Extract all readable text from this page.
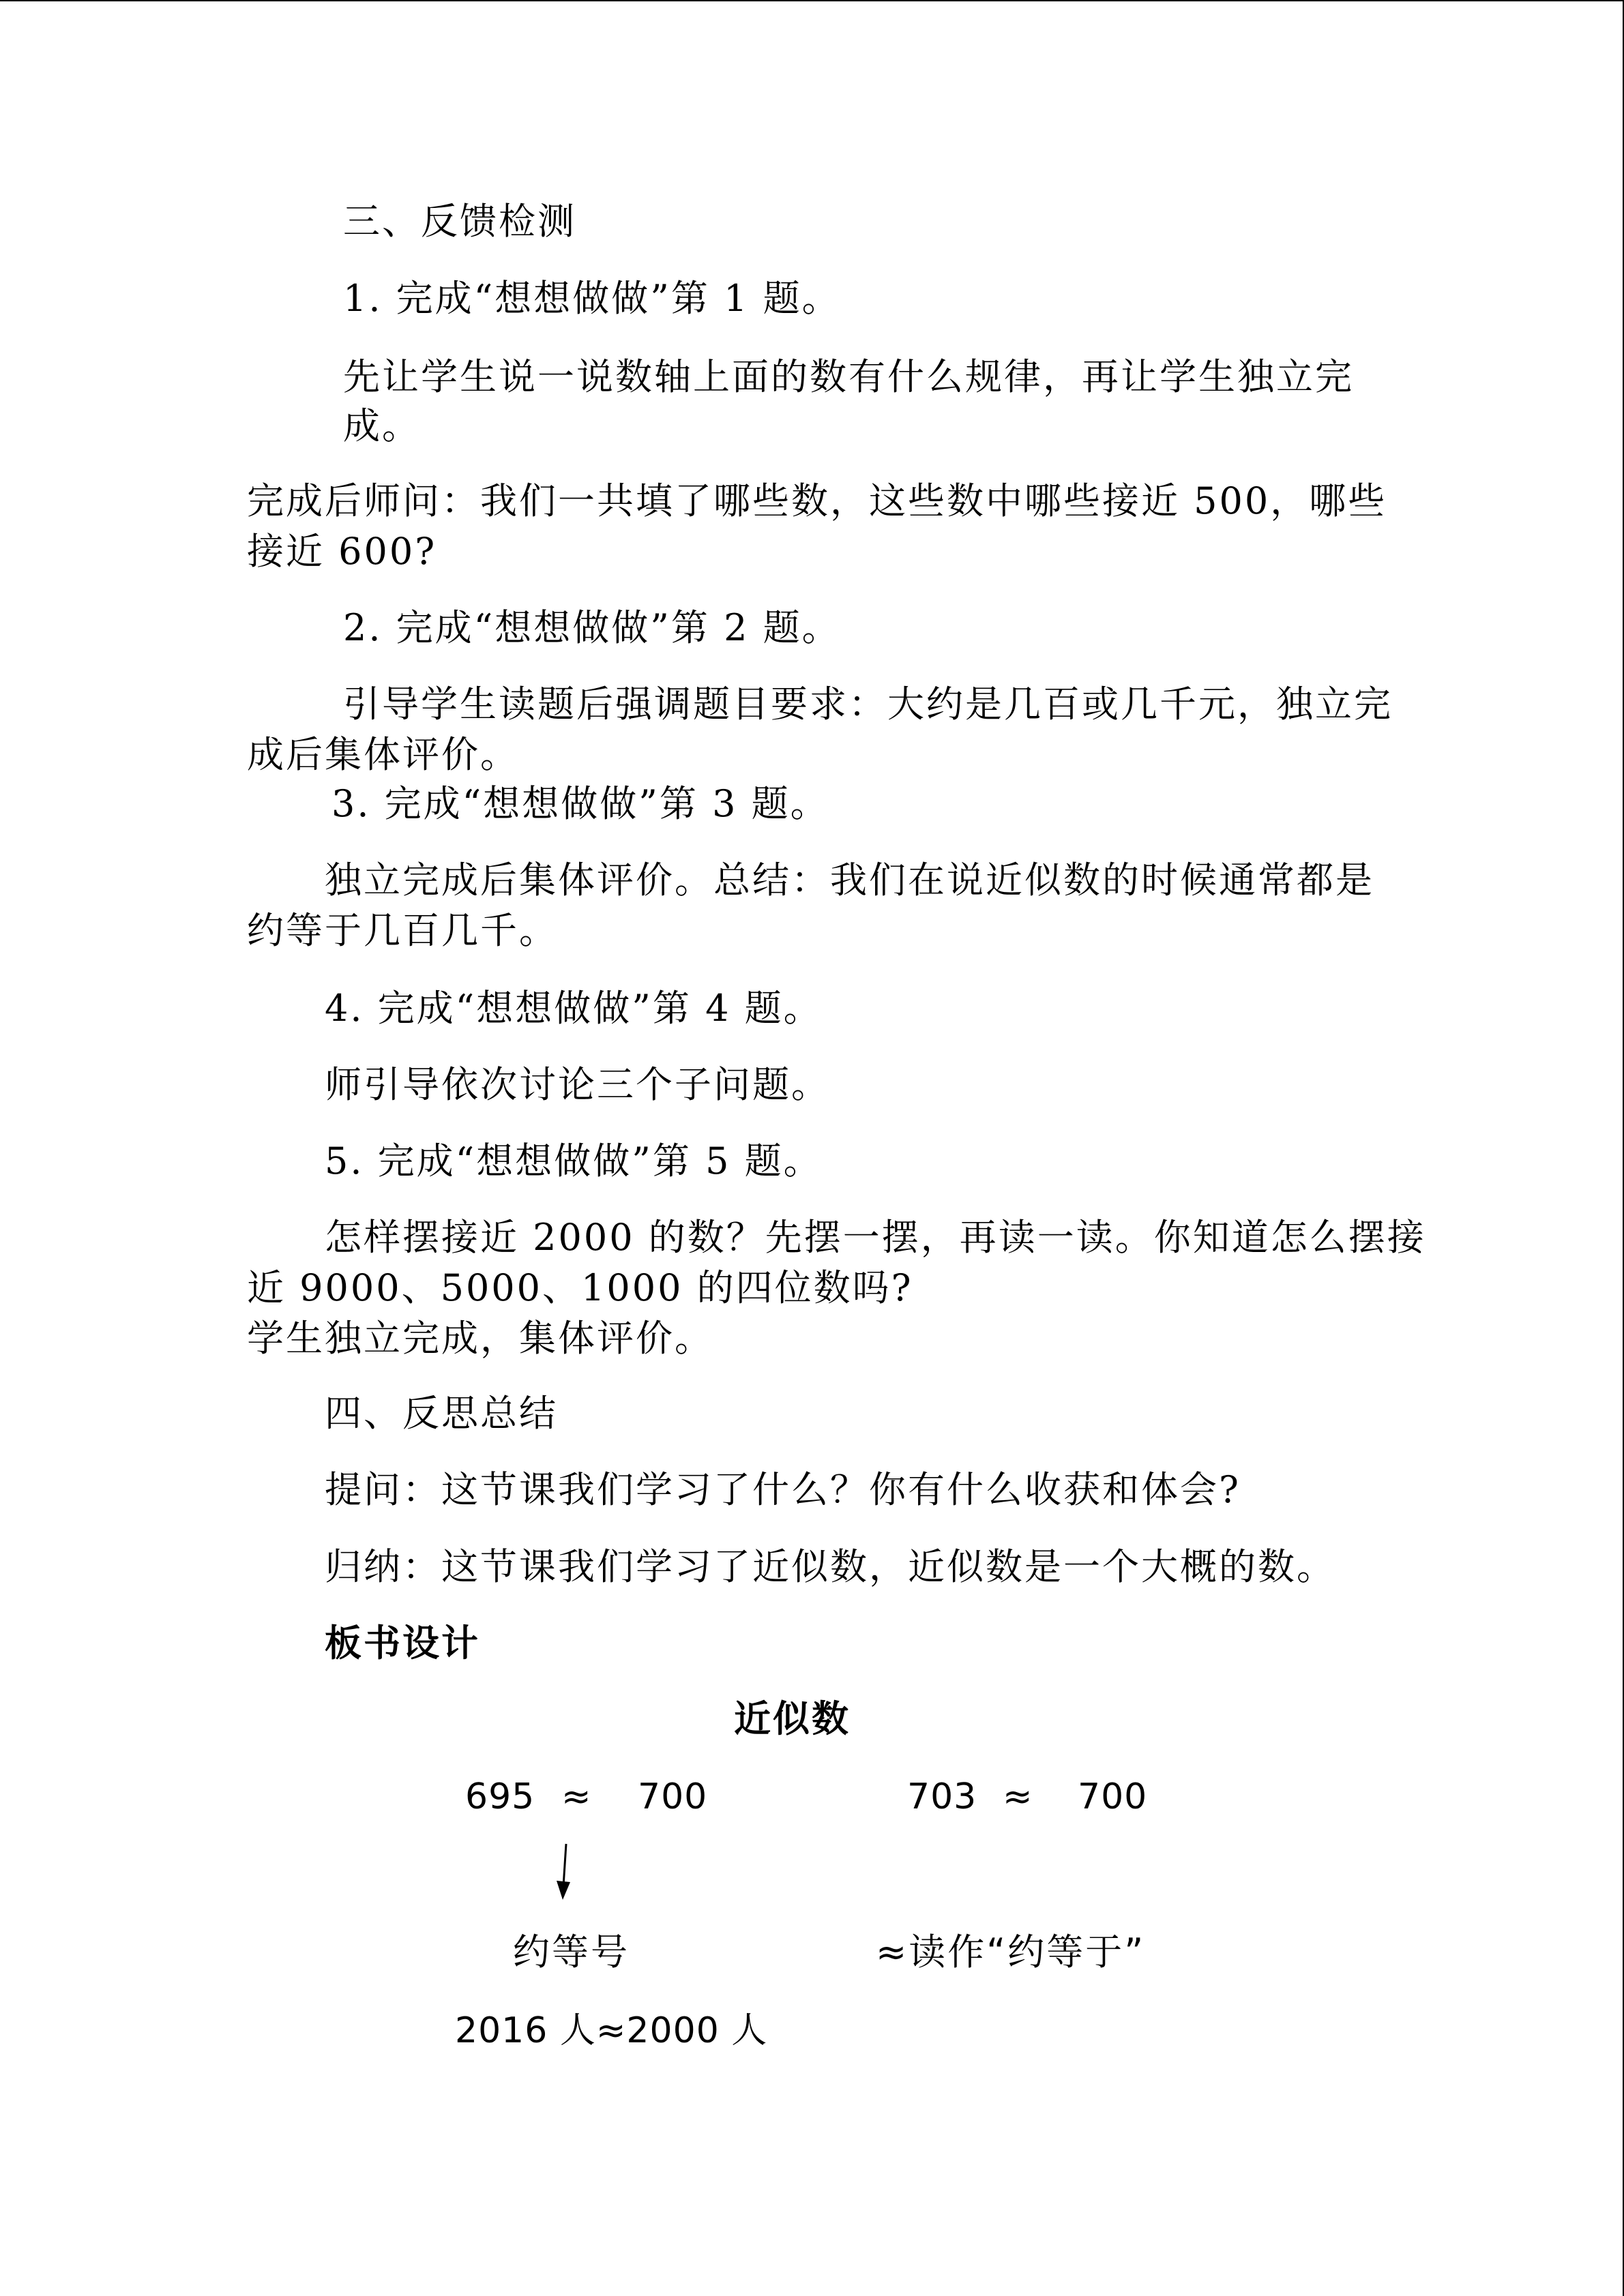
三、反馈检测
1. 完成“想想做做”第 1 题。
先让学生说一说数轴上面的数有什么规律，再让学生独立完
成。
完成后师问：我们一共填了哪些数，这些数中哪些接近 500，哪些
接近 600?
2. 完成“想想做做”第 2 题。
引导学生读题后强调题目要求：大约是几百或几千元，独立完
成后集体评价。
3. 完成“想想做做”第 3 题。
独立完成后集体评价。总结：我们在说近似数的时候通常都是
约等于几百几千。
4. 完成“想想做做”第 4 题。
师引导依次讨论三个子问题。
5. 完成“想想做做”第 5 题。
怎样摆接近 2000 的数？先摆一摆，再读一读。你知道怎么摆接
近 9000、5000、1000 的四位数吗?
学生独立完成，集体评价。
四、反思总结
提问：这节课我们学习了什么？你有什么收获和体会?
归纳：这节课我们学习了近似数，近似数是一个大概的数。
板书设计
近似数
695 ≈ 700	703 ≈ 700
约等号	≈读作“约等于”
2016 人≈2000 人
